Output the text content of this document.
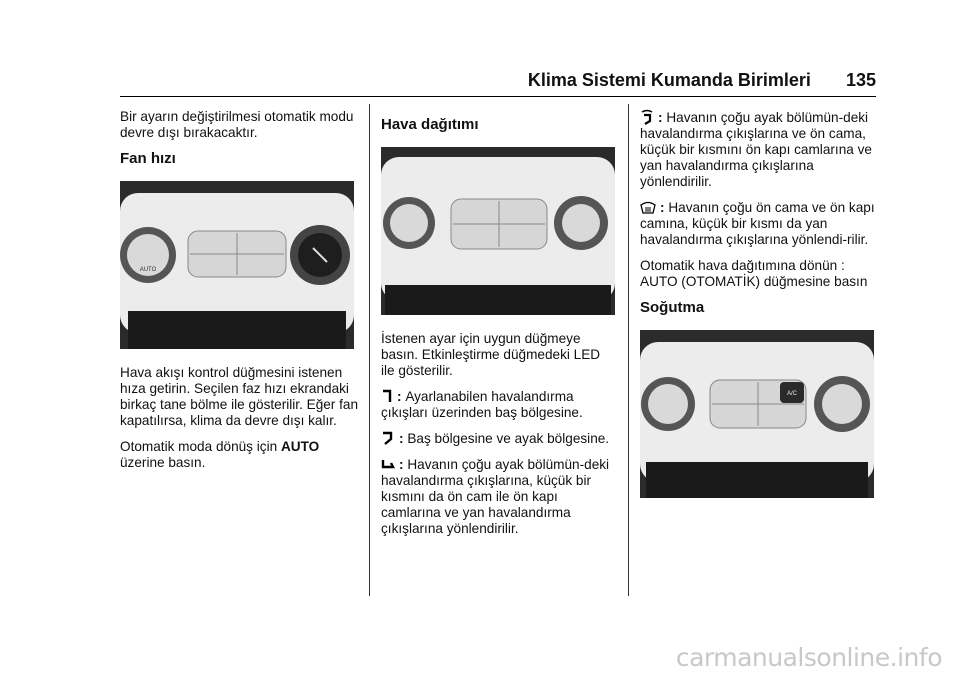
Klima Sistemi Kumanda Birimleri 135

Bir ayarın değiştirilmesi otomatik modu devre dışı bırakacaktır.

Fan hızı
AUTO

Hava akışı kontrol düğmesini istenen hıza getirin. Seçilen faz hızı ekrandaki birkaç tane bölme ile gösterilir. Eğer fan kapatılırsa, klima da devre dışı kalır.

Otomatik moda dönüş için AUTO üzerine basın.

Hava dağıtımı

İstenen ayar için uygun düğmeye basın. Etkinleştirme düğmedeki LED ile gösterilir.

: Ayarlanabilen havalandırma çıkışları üzerinden baş bölgesine.

: Baş bölgesine ve ayak bölgesine.

: Havanın çoğu ayak bölümün-deki havalandırma çıkışlarına, küçük bir kısmını da ön cam ile ön kapı camlarına ve yan havalandırma çıkışlarına yönlendirilir.

: Havanın çoğu ayak bölümün-deki havalandırma çıkışlarına ve ön cama, küçük bir kısmını ön kapı camlarına ve yan havalandırma çıkışlarına yönlendirilir.

: Havanın çoğu ön cama ve ön kapı camına, küçük bir kısmı da yan havalandırma çıkışlarına yönlendi-rilir.

Otomatik hava dağıtımına dönün : AUTO (OTOMATİK) düğmesine basın

Soğutma
A/C
carmanualsonline.info
